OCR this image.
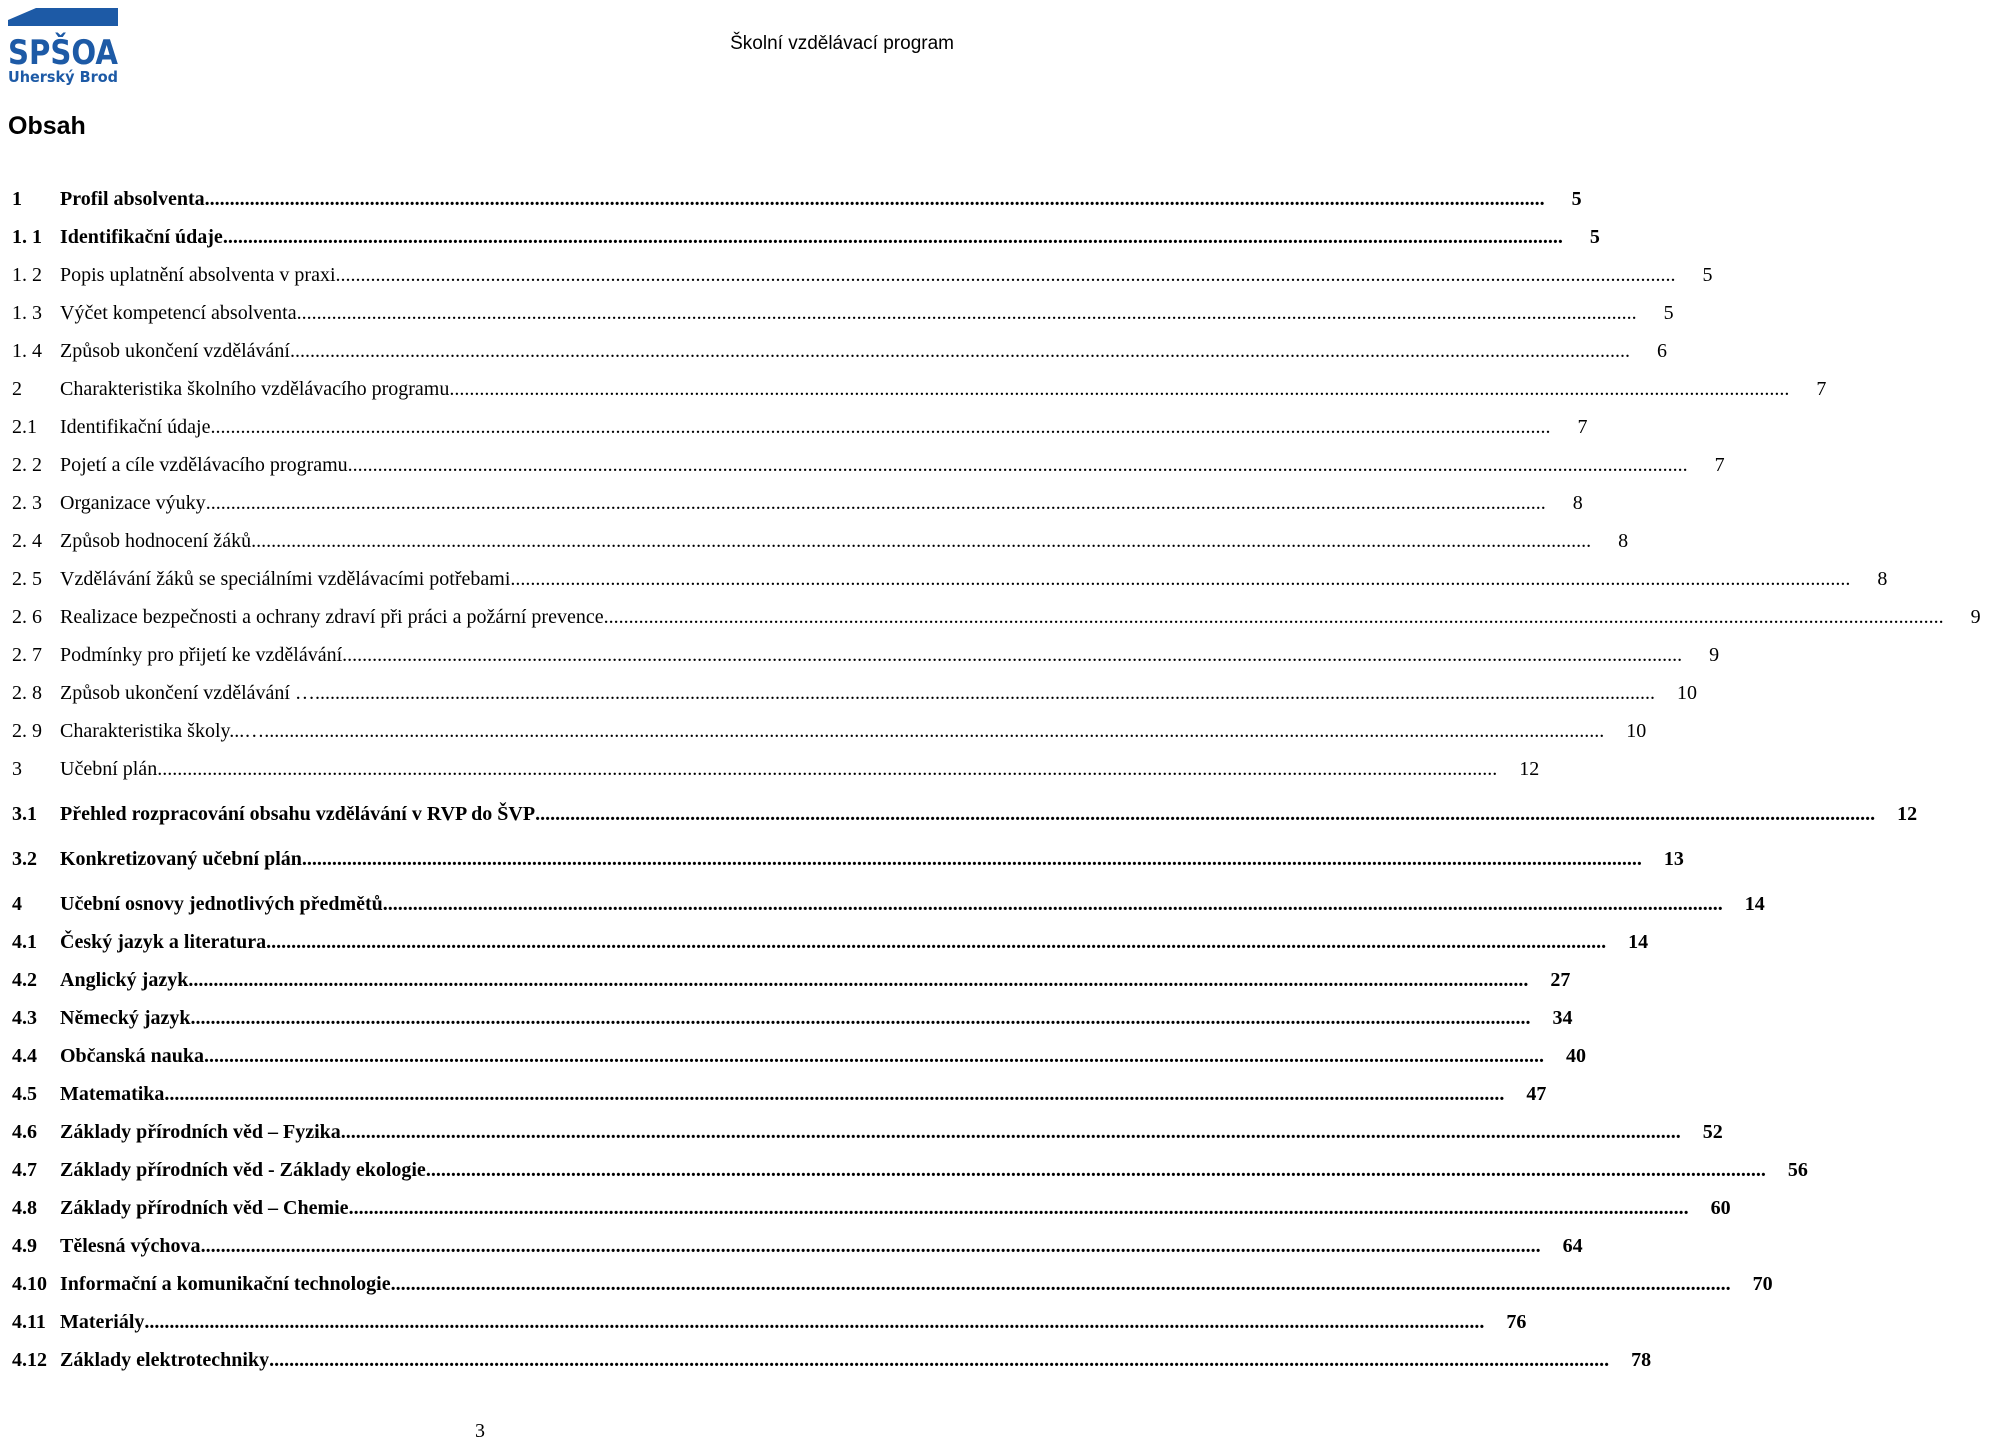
SPŠOA
Uherský Brod
Školní vzdělávací program
Obsah
1	Profil absolventa .....	5
1. 1 Identifikační údaje .....	5
1. 2 Popis uplatnění absolventa v praxi .....	5
1. 3 Výčet kompetencí absolventa .....	5
1. 4 Způsob ukončení vzdělávání .....	6
2	Charakteristika školního vzdělávacího programu .....	7
2.1	Identifikační údaje .....	7
2. 2 Pojetí a cíle vzdělávacího programu .....	7
2. 3 Organizace výuky .....	8
2. 4 Způsob hodnocení žáků .....	8
2. 5 Vzdělávání žáků se speciálními vzdělávacími potřebami .....	8
2. 6 Realizace bezpečnosti a ochrany zdraví při práci a požární prevence .....	9
2. 7 Podmínky pro přijetí ke vzdělávání .....	9
2. 8 Způsob ukončení vzdělávání … .....	10
2. 9 Charakteristika školy...… .....	10
3	Učební plán .....	12
3.1	Přehled rozpracování obsahu vzdělávání v RVP do ŠVP .....	12
3.2	Konkretizovaný učební plán .....	13
4	Učební osnovy jednotlivých předmětů .....	14
4.1	Český jazyk a literatura .....	14
4.2	Anglický jazyk .....	27
4.3	Německý jazyk .....	34
4.4	Občanská nauka .....	40
4.5	Matematika .....	47
4.6	Základy přírodních věd – Fyzika .....	52
4.7	Základy přírodních věd - Základy ekologie .....	56
4.8	Základy přírodních věd – Chemie .....	60
4.9	Tělesná výchova .....	64
4.10 Informační a komunikační technologie .....	70
4.11 Materiály .....	76
4.12 Základy elektrotechniky .....	78
3
